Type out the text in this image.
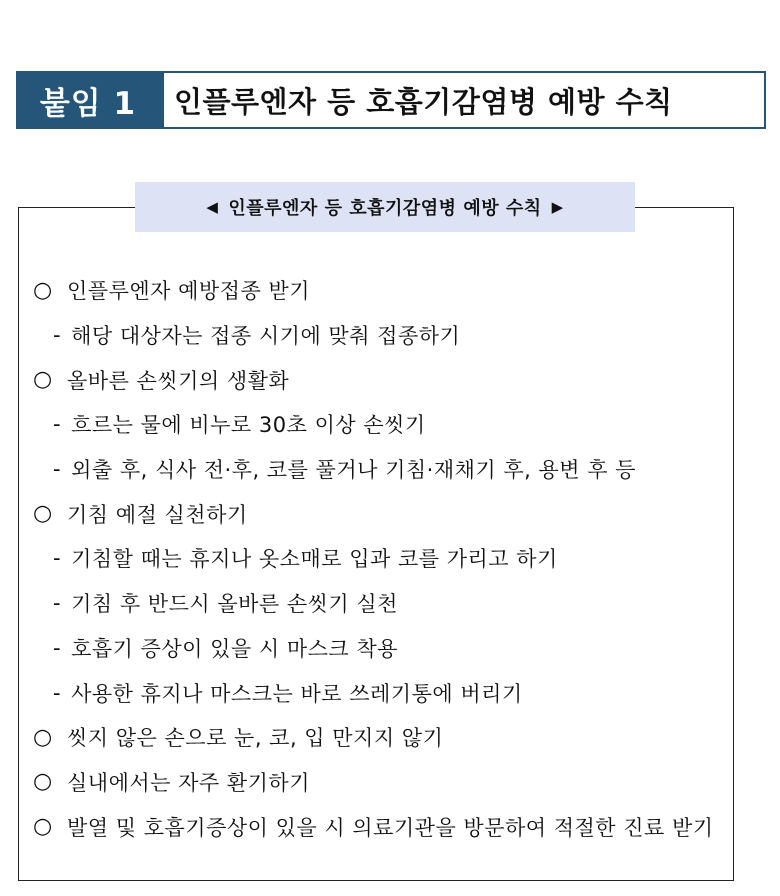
붙임 1	인플루엔자 등 호흡기감염병 예방 수칙
◀ 인플루엔자 등 호흡기감염병 예방 수칙 ▶
○ 인플루엔자 예방접종 받기
- 해당 대상자는 접종 시기에 맞춰 접종하기
○ 올바른 손씻기의 생활화
- 흐르는 물에 비누로 30초 이상 손씻기
- 외출 후, 식사 전·후, 코를 풀거나 기침·재채기 후, 용변 후 등
○ 기침 예절 실천하기
- 기침할 때는 휴지나 옷소매로 입과 코를 가리고 하기
- 기침 후 반드시 올바른 손씻기 실천
- 호흡기 증상이 있을 시 마스크 착용
- 사용한 휴지나 마스크는 바로 쓰레기통에 버리기
○ 씻지 않은 손으로 눈, 코, 입 만지지 않기
○ 실내에서는 자주 환기하기
○ 발열 및 호흡기증상이 있을 시 의료기관을 방문하여 적절한 진료 받기
